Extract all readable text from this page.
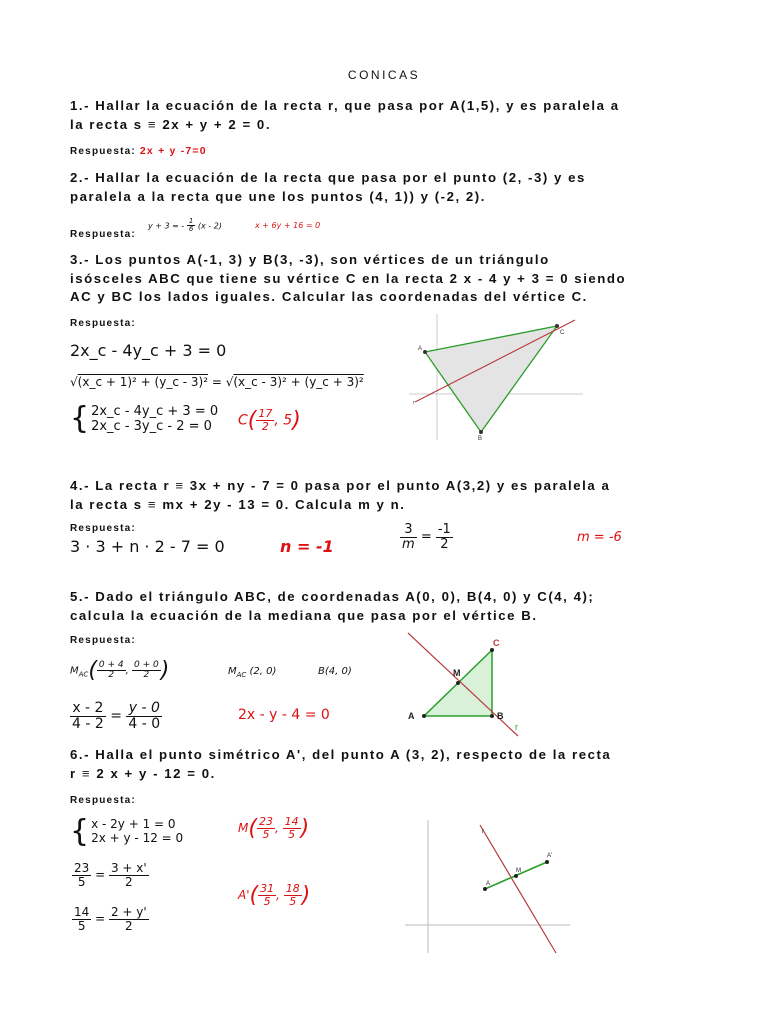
CONICAS
1.- Hallar la ecuación de la recta r, que pasa por A(1,5), y es paralela a
la recta s ≡ 2x + y + 2 = 0.
Respuesta: 2x + y -7=0
2.- Hallar la ecuación de la recta que pasa por el punto (2, -3) y es
paralela a la recta que une los puntos (4, 1)) y (-2, 2).
Respuesta:
y + 3 = - $\frac{1}{6} (x - 2)$	x + 6y + 16 = 0
3.- Los puntos A(-1, 3) y B(3, -3), son vértices de un triángulo
isósceles ABC que tiene su vértice C en la recta 2 x - 4 y + 3 = 0 siendo
AC y BC los lados iguales. Calcular las coordenadas del vértice C.
Respuesta:
2x_c - 4y_c + 3 = 0
√(x_c + 1)² + (y_c - 3)² = √(x_c - 3)² + (y_c + 3)²
{ 2x_c - 4y_c + 3 = 0
2x_c - 3y_c - 2 = 0	$C( \frac{17}{2}$ , 5)
A
C
B
r
4.- La recta r ≡ 3x + ny - 7 = 0 pasa por el punto A(3,2) y es paralela a
la recta s ≡ mx + 2y - 13 = 0. Calcula m y n.
Respuesta:
3 · 3 + n · 2 - 7 = 0	n = -1	$\frac{3}{m} = \frac{-1}{2}$	m = -6
5.- Dado el triángulo ABC, de coordenadas A(0, 0), B(4, 0) y C(4, 4);
calcula la ecuación de la mediana que pasa por el vértice B.
Respuesta:
$M_{AC}( \frac{0 + 4}{2}$ , $\frac{0 + 0}{2}$ )	$M_{AC}$ (2, 0)	B(4, 0)
$\frac{x - 2}{4 - 2} = \frac{y - 0}{4 - 0}$	2x - y - 4 = 0	A	B
C
M
r
6.- Halla el punto simétrico A', del punto A (3, 2), respecto de la recta
r ≡ 2 x + y - 12 = 0.
Respuesta:
{ x - 2y + 1 = 0
2x + y - 12 = 0
$M( \frac{23}{5}$ , $\frac{14}{5}$ )
$\frac{23}{5} = \frac{3 + x'}{2}$
$\frac{14}{5} = \frac{2 + y'}{2}$
$A'( \frac{31}{5}$ , $\frac{18}{5}$ )	A
M
A'
r
